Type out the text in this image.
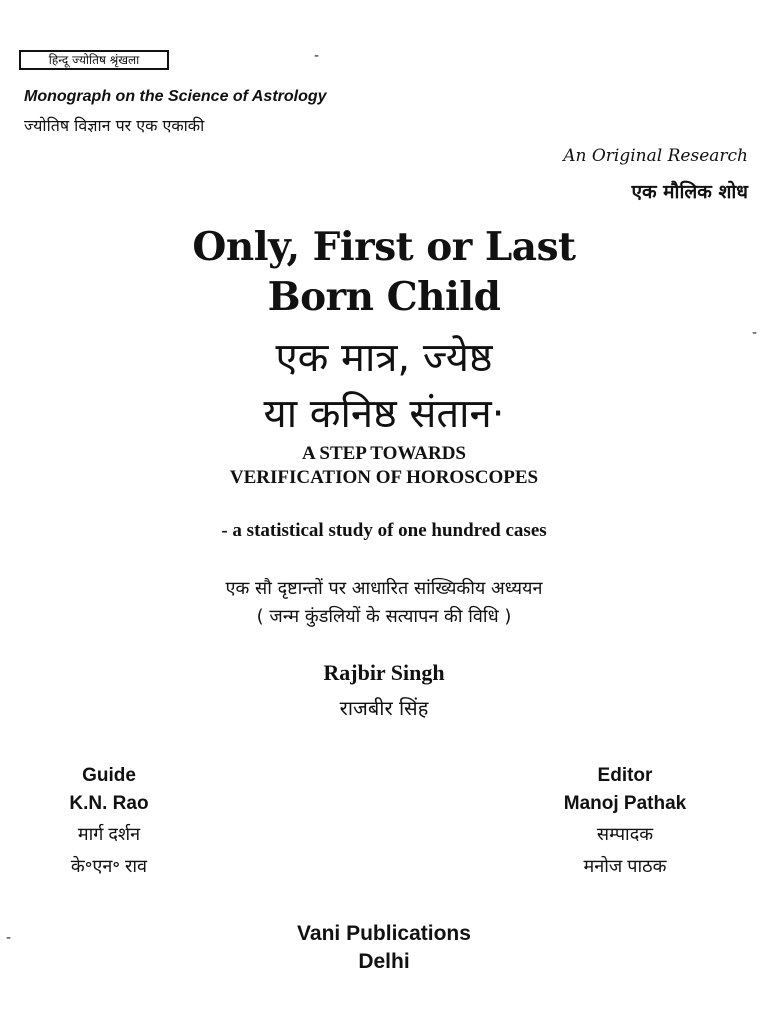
हिन्दू ज्योतिष श्रृंखला	-
Monograph on the Science of Astrology
ज्योतिष विज्ञान पर एक एकाकी
An Original Research
एक मौलिक शोध
Only, First or Last
Born Child
एक मात्र, ज्येष्ठ
या कनिष्ठ संतान·
A STEP TOWARDS
VERIFICATION OF HOROSCOPES
- a statistical study of one hundred cases
एक सौ दृष्टान्तों पर आधारित सांख्यिकीय अध्ययन
( जन्म कुंडलियों के सत्यापन की विधि )
Rajbir Singh
राजबीर सिंह
Guide
K.N. Rao
मार्ग दर्शन
के॰एन॰ राव
Editor
Manoj Pathak
सम्पादक
मनोज पाठक
Vani Publications
Delhi
-
-
